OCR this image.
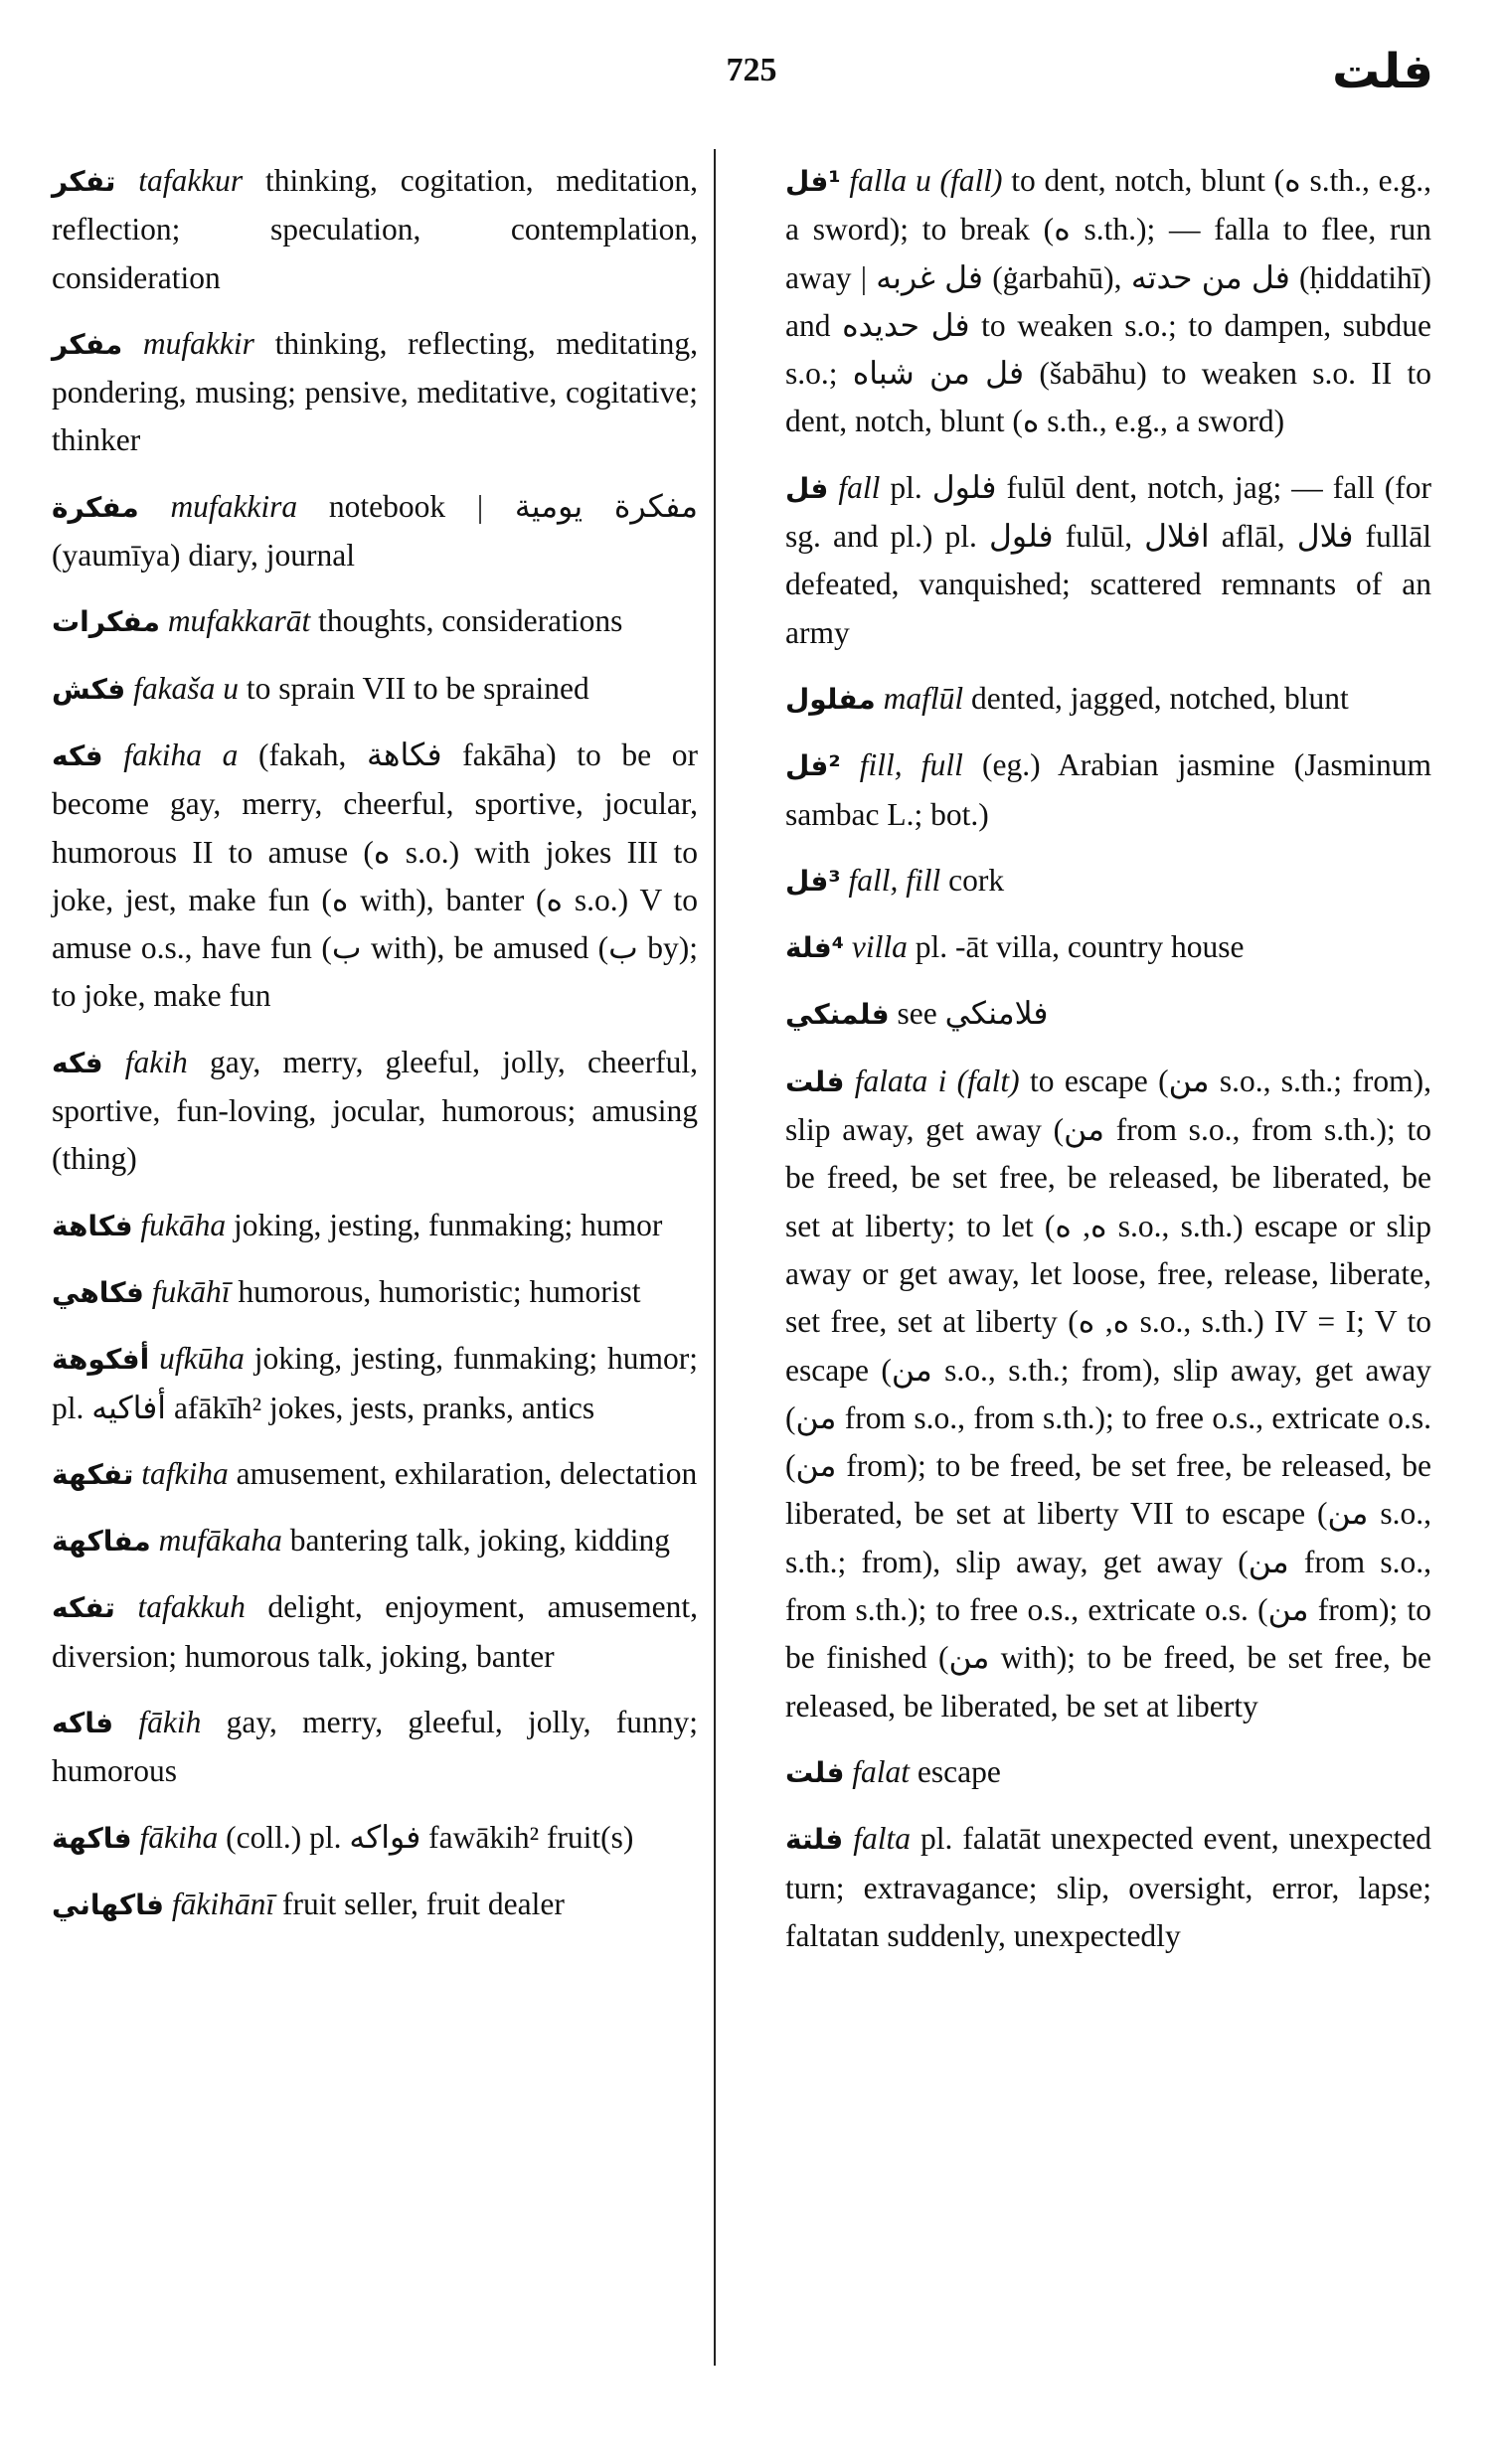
725	فلت

تفكر tafakkur thinking, cogitation, meditation, reflection; speculation, contemplation, consideration

مفكر mufakkir thinking, reflecting, meditating, pondering, musing; pensive, meditative, cogitative; thinker

مفكرة mufakkira notebook | مفكرة يومية (yaumīya) diary, journal

مفكرات mufakkarāt thoughts, considerations

فكش fakaša u to sprain VII to be sprained

فكه fakiha a (fakah, فكاهة fakāha) to be or become gay, merry, cheerful, sportive, jocular, humorous II to amuse (ه s.o.) with jokes III to joke, jest, make fun (ه with), banter (ه s.o.) V to amuse o.s., have fun (ب with), be amused (ب by); to joke, make fun

فكه fakih gay, merry, gleeful, jolly, cheerful, sportive, fun-loving, jocular, humorous; amusing (thing)

فكاهة fukāha joking, jesting, funmaking; humor

فكاهي fukāhī humorous, humoristic; humorist

أفكوهة ufkūha joking, jesting, funmaking; humor; pl. أفاكيه afākīh² jokes, jests, pranks, antics

تفكهة tafkiha amusement, exhilaration, delectation

مفاكهة mufākaha bantering talk, joking, kidding

تفكه tafakkuh delight, enjoyment, amusement, diversion; humorous talk, joking, banter

فاكه fākih gay, merry, gleeful, jolly, funny; humorous

فاكهة fākiha (coll.) pl. فواكه fawākih² fruit(s)

فاكهاني fākihānī fruit seller, fruit dealer

¹فل falla u (fall) to dent, notch, blunt (ه s.th., e.g., a sword); to break (ه s.th.); — falla to flee, run away | فل غربه (ġarbahū), فل من حدته (ḥiddatihī) and فل حديده to weaken s.o.; to dampen, subdue s.o.; فل من شباه (šabāhu) to weaken s.o. II to dent, notch, blunt (ه s.th., e.g., a sword)

فل fall pl. فلول fulūl dent, notch, jag; — fall (for sg. and pl.) pl. فلول fulūl, افلال aflāl, فلال fullāl defeated, vanquished; scattered remnants of an army

مفلول maflūl dented, jagged, notched, blunt

²فل fill, full (eg.) Arabian jasmine (Jasminum sambac L.; bot.)

³فل fall, fill cork

⁴فلة villa pl. -āt villa, country house

فلمنكي see فلامنكي

فلت falata i (falt) to escape (من s.o., s.th.; from), slip away, get away (من from s.o., from s.th.); to be freed, be set free, be released, be liberated, be set at liberty; to let (ه, ه s.o., s.th.) escape or slip away or get away, let loose, free, release, liberate, set free, set at liberty (ه, ه s.o., s.th.) IV = I; V to escape (من s.o., s.th.; from), slip away, get away (من from s.o., from s.th.); to free o.s., extricate o.s. (من from); to be freed, be set free, be released, be liberated, be set at liberty VII to escape (من s.o., s.th.; from), slip away, get away (من from s.o., from s.th.); to free o.s., extricate o.s. (من from); to be finished (من with); to be freed, be set free, be released, be liberated, be set at liberty

فلت falat escape

فلتة falta pl. falatāt unexpected event, unexpected turn; extravagance; slip, oversight, error, lapse; faltatan suddenly, unexpectedly
